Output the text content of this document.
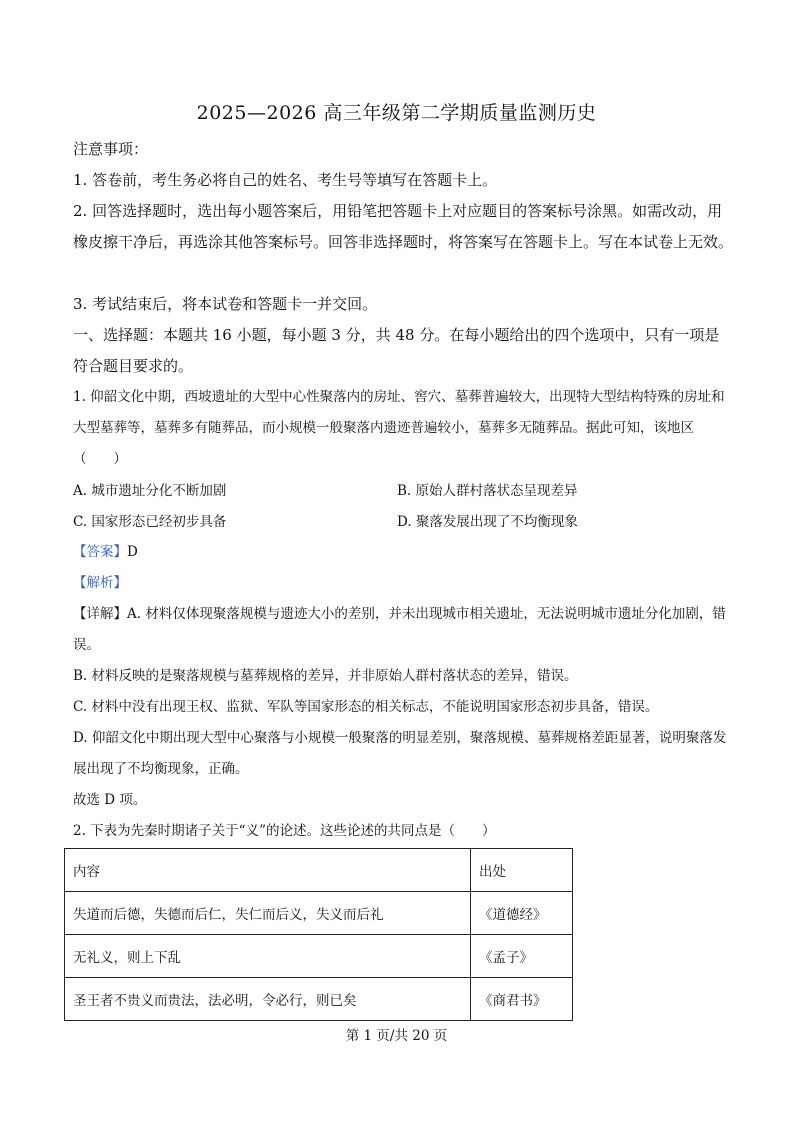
2025—2026 高三年级第二学期质量监测历史

注意事项：

1. 答卷前，考生务必将自己的姓名、考生号等填写在答题卡上。

2. 回答选择题时，选出每小题答案后，用铅笔把答题卡上对应题目的答案标号涂黑。如需改动，用橡皮擦干净后，再选涂其他答案标号。回答非选择题时，将答案写在答题卡上。写在本试卷上无效。

3. 考试结束后，将本试卷和答题卡一并交回。

一、选择题：本题共 16 小题，每小题 3 分，共 48 分。在每小题给出的四个选项中，只有一项是符合题目要求的。

1. 仰韶文化中期，西坡遗址的大型中心性聚落内的房址、窖穴、墓葬普遍较大，出现特大型结构特殊的房址和大型墓葬等，墓葬多有随葬品，而小规模一般聚落内遗迹普遍较小，墓葬多无随葬品。据此可知，该地区（　　）

A. 城市遗址分化不断加剧	B. 原始人群村落状态呈现差异
C. 国家形态已经初步具备	D. 聚落发展出现了不均衡现象

【答案】D

【解析】

【详解】A. 材料仅体现聚落规模与遗迹大小的差别，并未出现城市相关遗址，无法说明城市遗址分化加剧，错误。

B. 材料反映的是聚落规模与墓葬规格的差异，并非原始人群村落状态的差异，错误。

C. 材料中没有出现王权、监狱、军队等国家形态的相关标志，不能说明国家形态初步具备，错误。

D. 仰韶文化中期出现大型中心聚落与小规模一般聚落的明显差别，聚落规模、墓葬规格差距显著，说明聚落发展出现了不均衡现象，正确。

故选 D 项。

2. 下表为先秦时期诸子关于“义”的论述。这些论述的共同点是（　　）

内容	出处
失道而后德，失德而后仁，失仁而后义，失义而后礼	《道德经》
无礼义，则上下乱	《孟子》
圣王者不贵义而贵法，法必明，令必行，则已矣	《商君书》
第 1 页/共 20 页
